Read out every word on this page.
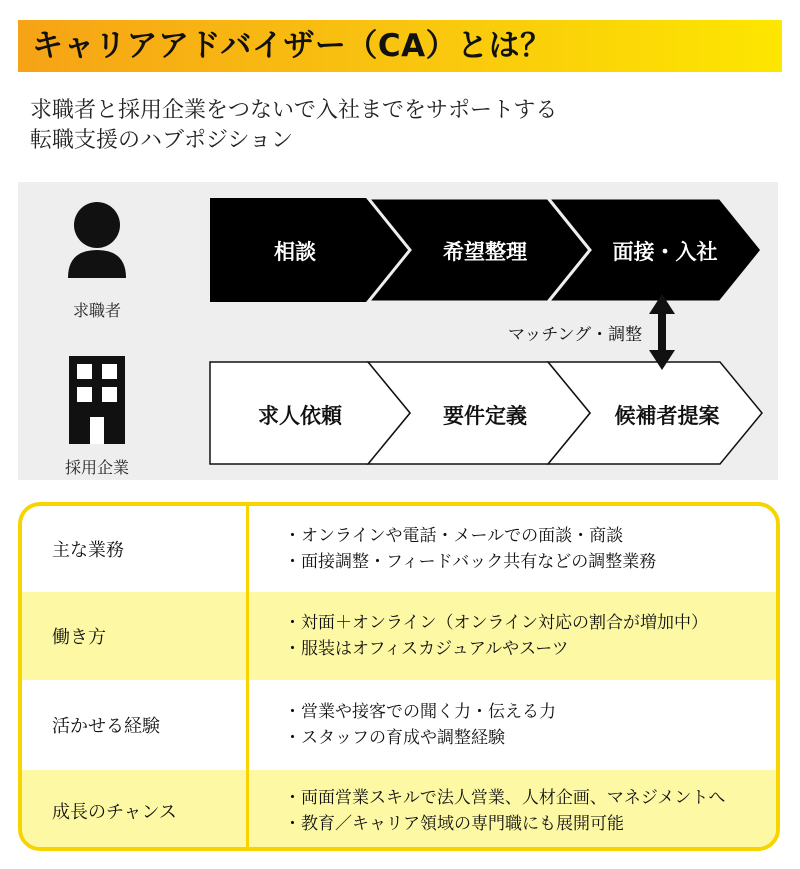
キャリアアドバイザー（CA）とは？
求職者と採用企業をつないで入社までをサポートする
転職支援のハブポジション
求職者
採用企業
相談	希望整理	面接・入社
求人依頼	要件定義	候補者提案
マッチング・調整
主な業務
・オンラインや電話・メールでの面談・商談
・面接調整・フィードバック共有などの調整業務
働き方
・対面＋オンライン（オンライン対応の割合が増加中）
・服装はオフィスカジュアルやスーツ
活かせる経験
・営業や接客での聞く力・伝える力
・スタッフの育成や調整経験
成長のチャンス
・両面営業スキルで法人営業、人材企画、マネジメントへ
・教育／キャリア領域の専門職にも展開可能
